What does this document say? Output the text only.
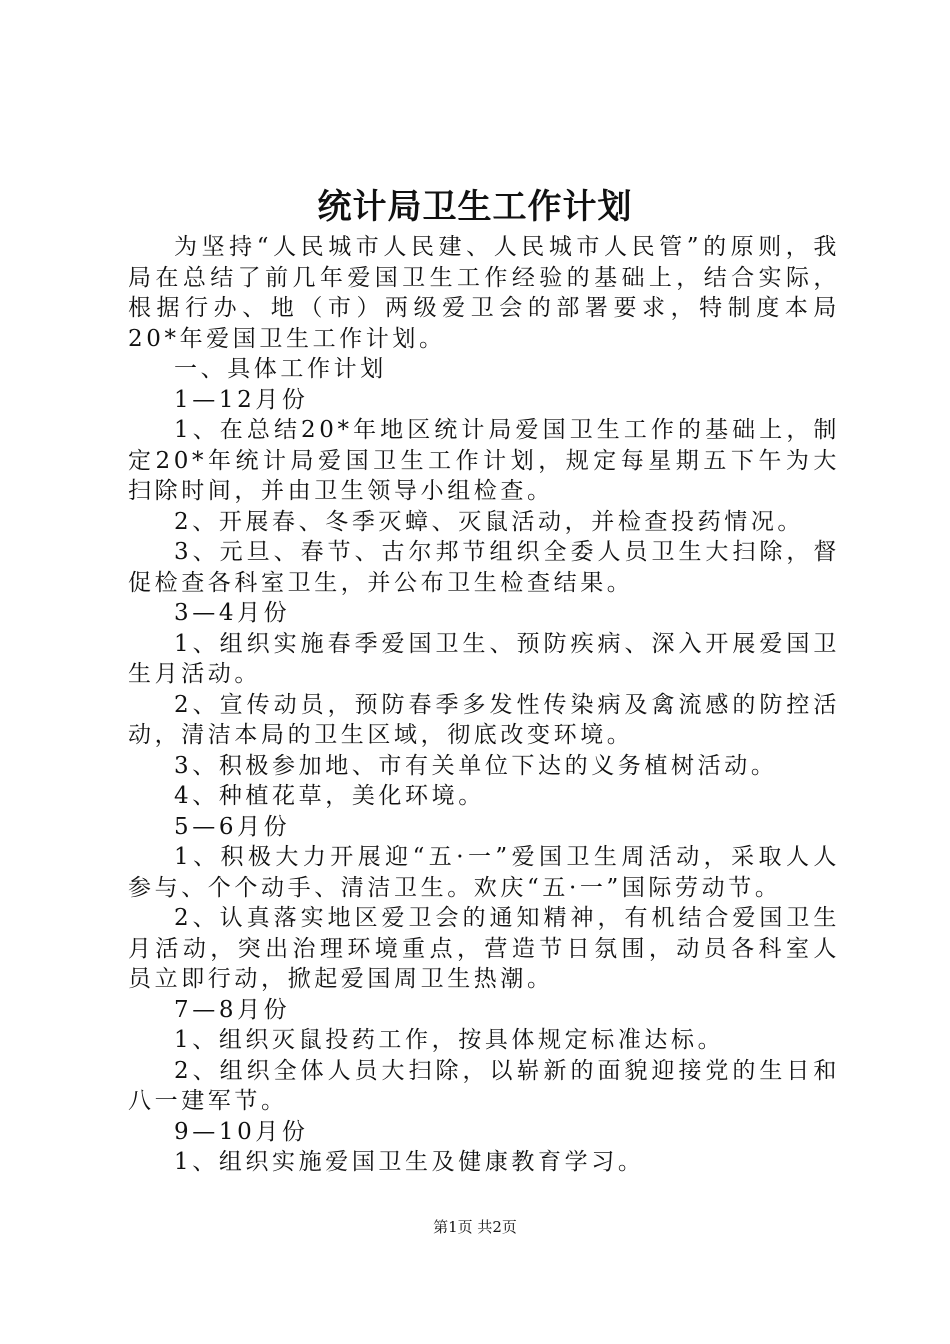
统计局卫生工作计划

为坚持“人民城市人民建、人民城市人民管”的原则，我局在总结了前几年爱国卫生工作经验的基础上，结合实际，根据行办、地（市）两级爱卫会的部署要求，特制度本局20*年爱国卫生工作计划。

一、具体工作计划

1—12月份

1、在总结20*年地区统计局爱国卫生工作的基础上，制定20*年统计局爱国卫生工作计划，规定每星期五下午为大扫除时间，并由卫生领导小组检查。

2、开展春、冬季灭蟑、灭鼠活动，并检查投药情况。

3、元旦、春节、古尔邦节组织全委人员卫生大扫除，督促检查各科室卫生，并公布卫生检查结果。

3—4月份

1、组织实施春季爱国卫生、预防疾病、深入开展爱国卫生月活动。

2、宣传动员，预防春季多发性传染病及禽流感的防控活动，清洁本局的卫生区域，彻底改变环境。

3、积极参加地、市有关单位下达的义务植树活动。

4、种植花草，美化环境。

5—6月份

1、积极大力开展迎“五·一”爱国卫生周活动，采取人人参与、个个动手、清洁卫生。欢庆“五·一”国际劳动节。

2、认真落实地区爱卫会的通知精神，有机结合爱国卫生月活动，突出治理环境重点，营造节日氛围，动员各科室人员立即行动，掀起爱国周卫生热潮。

7—8月份

1、组织灭鼠投药工作，按具体规定标准达标。

2、组织全体人员大扫除，以崭新的面貌迎接党的生日和八一建军节。

9—10月份

1、组织实施爱国卫生及健康教育学习。

第1页 共2页
